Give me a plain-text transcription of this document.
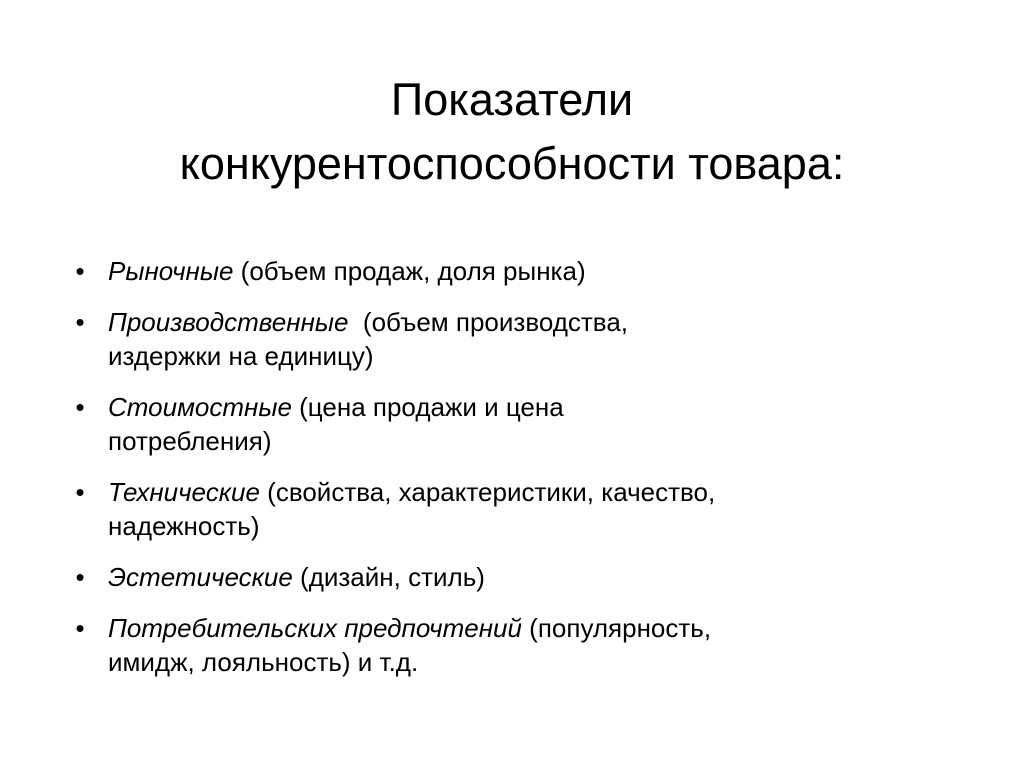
Показатели
конкурентоспособности товара:
• Рыночные (объем продаж, доля рынка)
• Производственные  (объем производства,
издержки на единицу)
• Стоимостные (цена продажи и цена
потребления)
• Технические (свойства, характеристики, качество,
надежность)
• Эстетические (дизайн, стиль)
• Потребительских предпочтений (популярность,
имидж, лояльность) и т.д.
